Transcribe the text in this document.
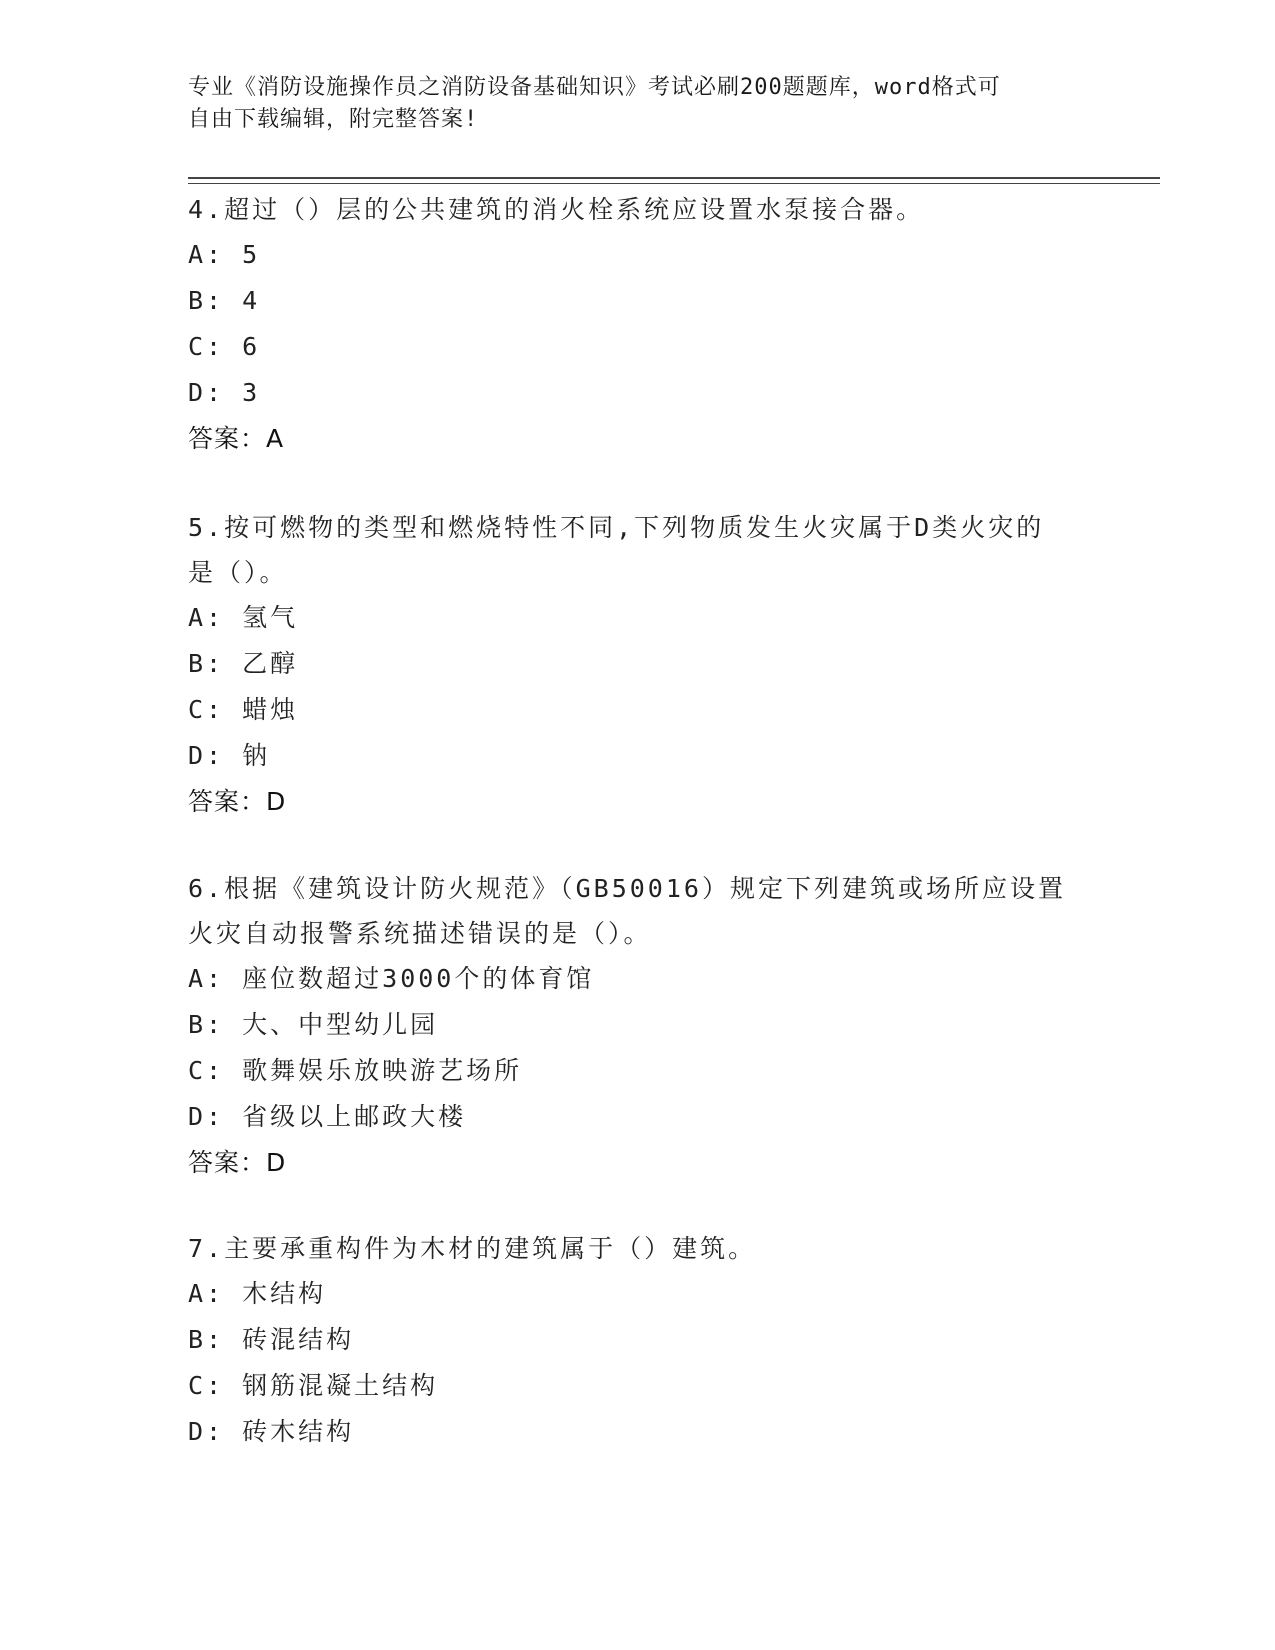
专业《消防设施操作员之消防设备基础知识》考试必刷200题题库，word格式可
自由下载编辑，附完整答案!

4.超过（）层的公共建筑的消火栓系统应设置水泵接合器。

A: 5

B: 4

C: 6

D: 3

答案：A

5.按可燃物的类型和燃烧特性不同,下列物质发生火灾属于D类火灾的

是（）。

A: 氢气

B: 乙醇

C: 蜡烛

D: 钠

答案：D

6.根据《建筑设计防火规范》（GB50016）规定下列建筑或场所应设置

火灾自动报警系统描述错误的是（）。

A: 座位数超过3000个的体育馆

B: 大、中型幼儿园

C: 歌舞娱乐放映游艺场所

D: 省级以上邮政大楼

答案：D

7.主要承重构件为木材的建筑属于（）建筑。

A: 木结构

B: 砖混结构

C: 钢筋混凝土结构

D: 砖木结构
